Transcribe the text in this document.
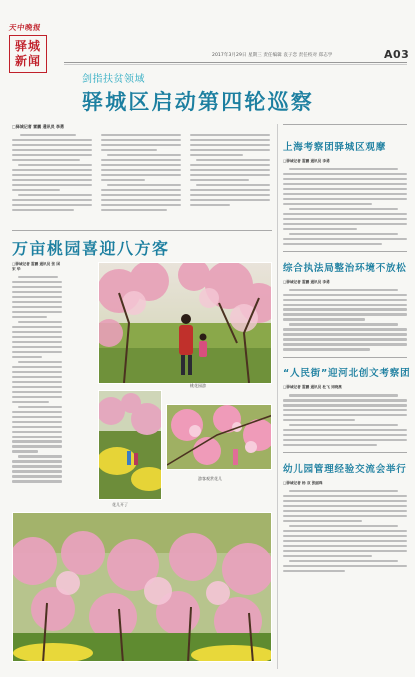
天中晚报
驿城
新闻	2017年3月29日 星期三 责任编辑 袁子恋 责任校对 郑志学	A03
剑指扶贫领域
驿城区启动第四轮巡察
□驿城记者 雷鹏 通讯员 李勇
万亩桃园喜迎八方客
□驿城记者 雷鹏 通讯员 张 国 宋 华
桃花园游
花儿开了
游客观赏花儿
上海考察团驿城区观摩
□驿城记者 雷鹏 通讯员 李勇
综合执法局整治环境不放松
□驿城记者 雷鹏 通讯员 李勇
“人民街”迎河北创文考察团
□驿城记者 雷鹏 通讯员 杜飞 刘晓燕
幼儿园管理经验交流会举行
□驿城记者 杨 双 张丽珠
